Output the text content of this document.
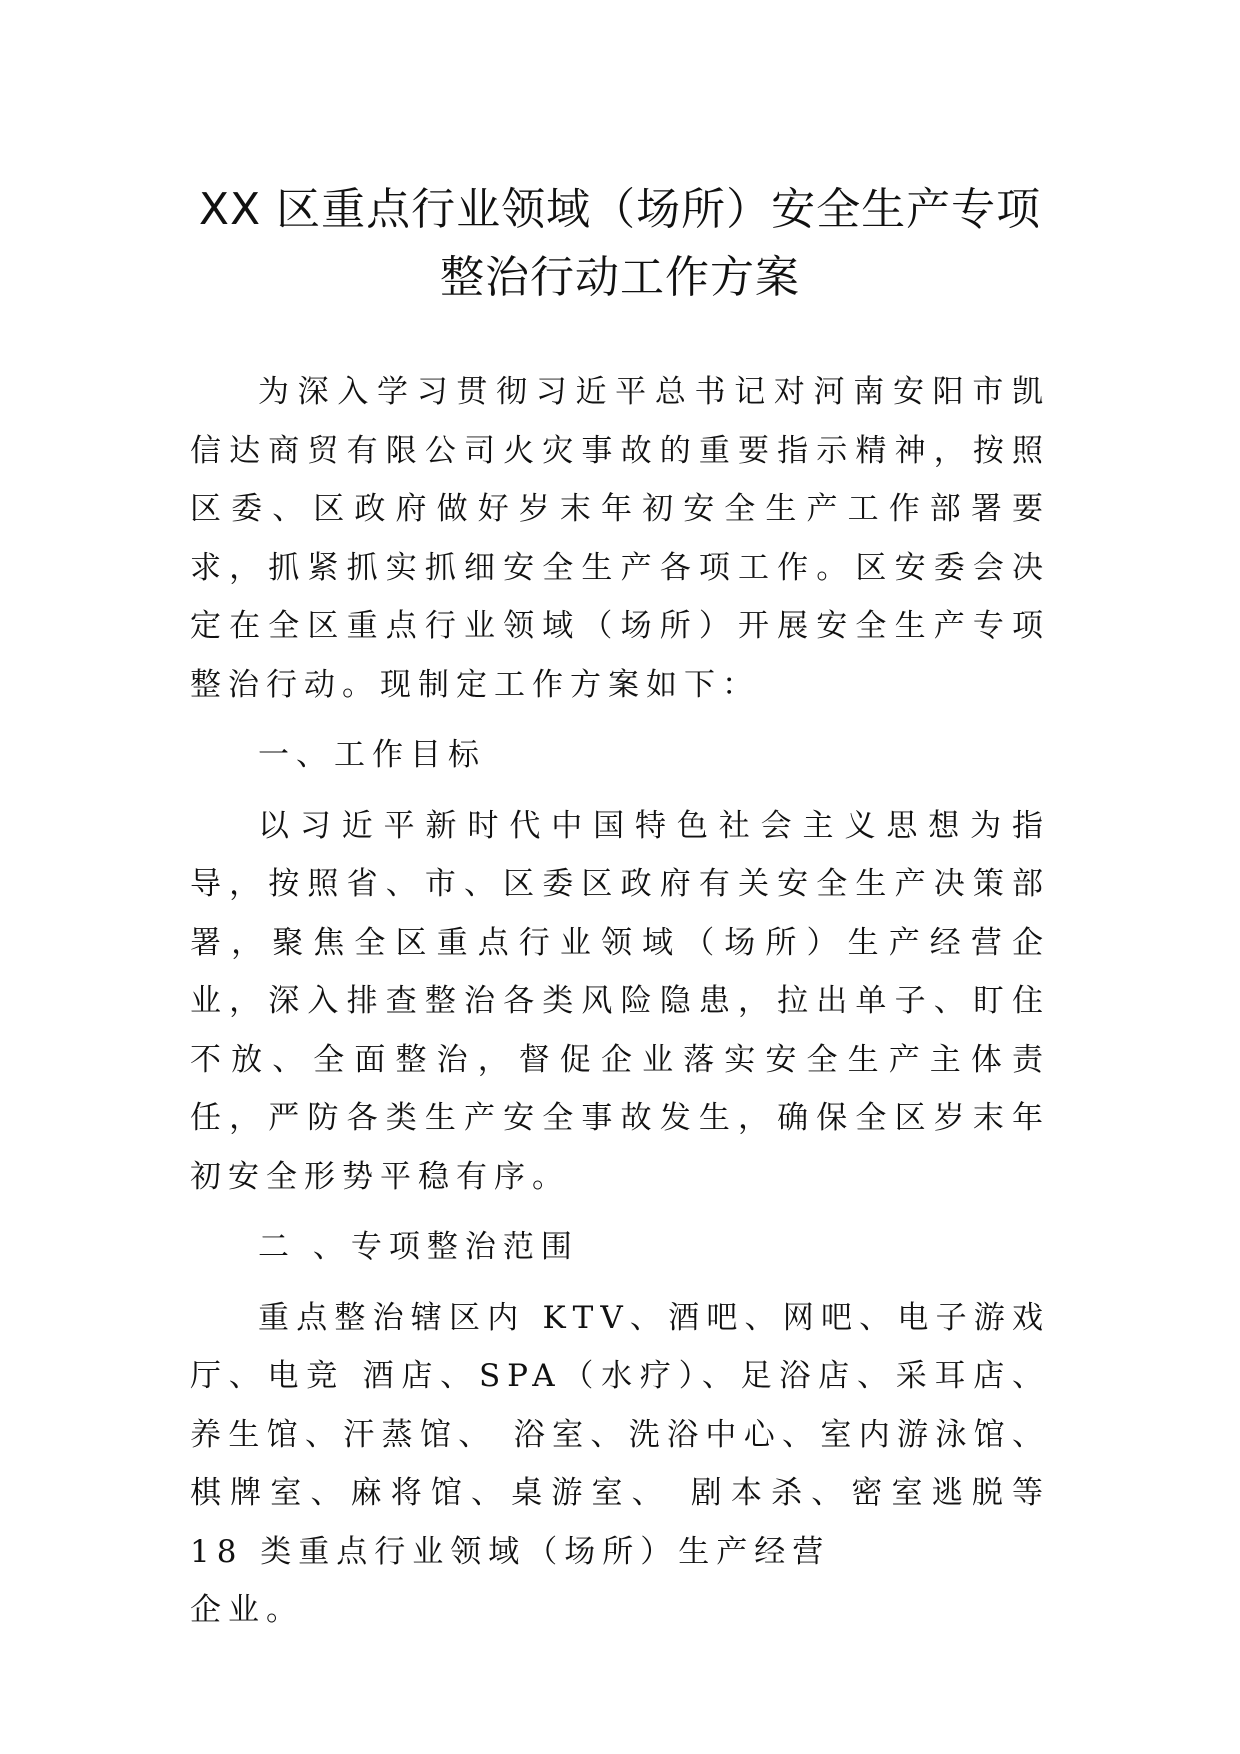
XX 区重点行业领域（场所）安全生产专项
整治行动工作方案

为深入学习贯彻习近平总书记对河南安阳市凯信达商贸有限公司火灾事故的重要指示精神，按照区委、区政府做好岁末年初安全生产工作部署要求，抓紧抓实抓细安全生产各项工作。区安委会决定在全区重点行业领域（场所）开展安全生产专项整治行动。现制定工作方案如下：

一、工作目标

以习近平新时代中国特色社会主义思想为指导，按照省、市、区委区政府有关安全生产决策部署，聚焦全区重点行业领域（场所）生产经营企业，深入排查整治各类风险隐患，拉出单子、盯住不放、全面整治，督促企业落实安全生产主体责任，严防各类生产安全事故发生，确保全区岁末年初安全形势平稳有序。

二 、专项整治范围

重点整治辖区内 KTV、酒吧、网吧、电子游戏厅、电竞 酒店、SPA（水疗）、足浴店、采耳店、养生馆、汗蒸馆、 浴室、洗浴中心、室内游泳馆、棋牌室、麻将馆、桌游室、 剧本杀、密室逃脱等 18 类重点行业领域（场所）生产经营

企业。
